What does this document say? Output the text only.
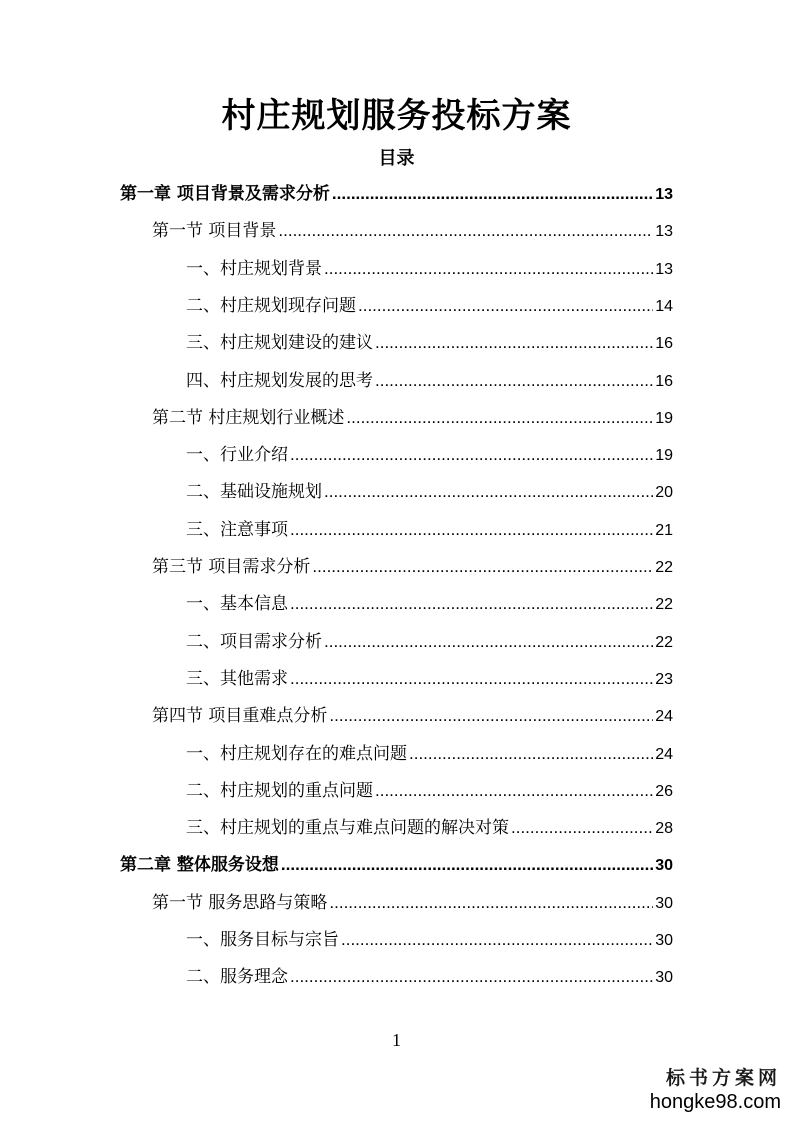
村庄规划服务投标方案
目录
第一章 项目背景及需求分析 .....	13
第一节 项目背景 .....	13
一、村庄规划背景 .....	13
二、村庄规划现存问题 .....	14
三、村庄规划建设的建议 .....	16
四、村庄规划发展的思考 .....	16
第二节 村庄规划行业概述 .....	19
一、行业介绍 .....	19
二、基础设施规划 .....	20
三、注意事项 .....	21
第三节 项目需求分析 .....	22
一、基本信息 .....	22
二、项目需求分析 .....	22
三、其他需求 .....	23
第四节 项目重难点分析 .....	24
一、村庄规划存在的难点问题 .....	24
二、村庄规划的重点问题 .....	26
三、村庄规划的重点与难点问题的解决对策 .....	28
第二章 整体服务设想 .....	30
第一节 服务思路与策略 .....	30
一、服务目标与宗旨 .....	30
二、服务理念 .....	30
1
标书方案网
hongke98.com
